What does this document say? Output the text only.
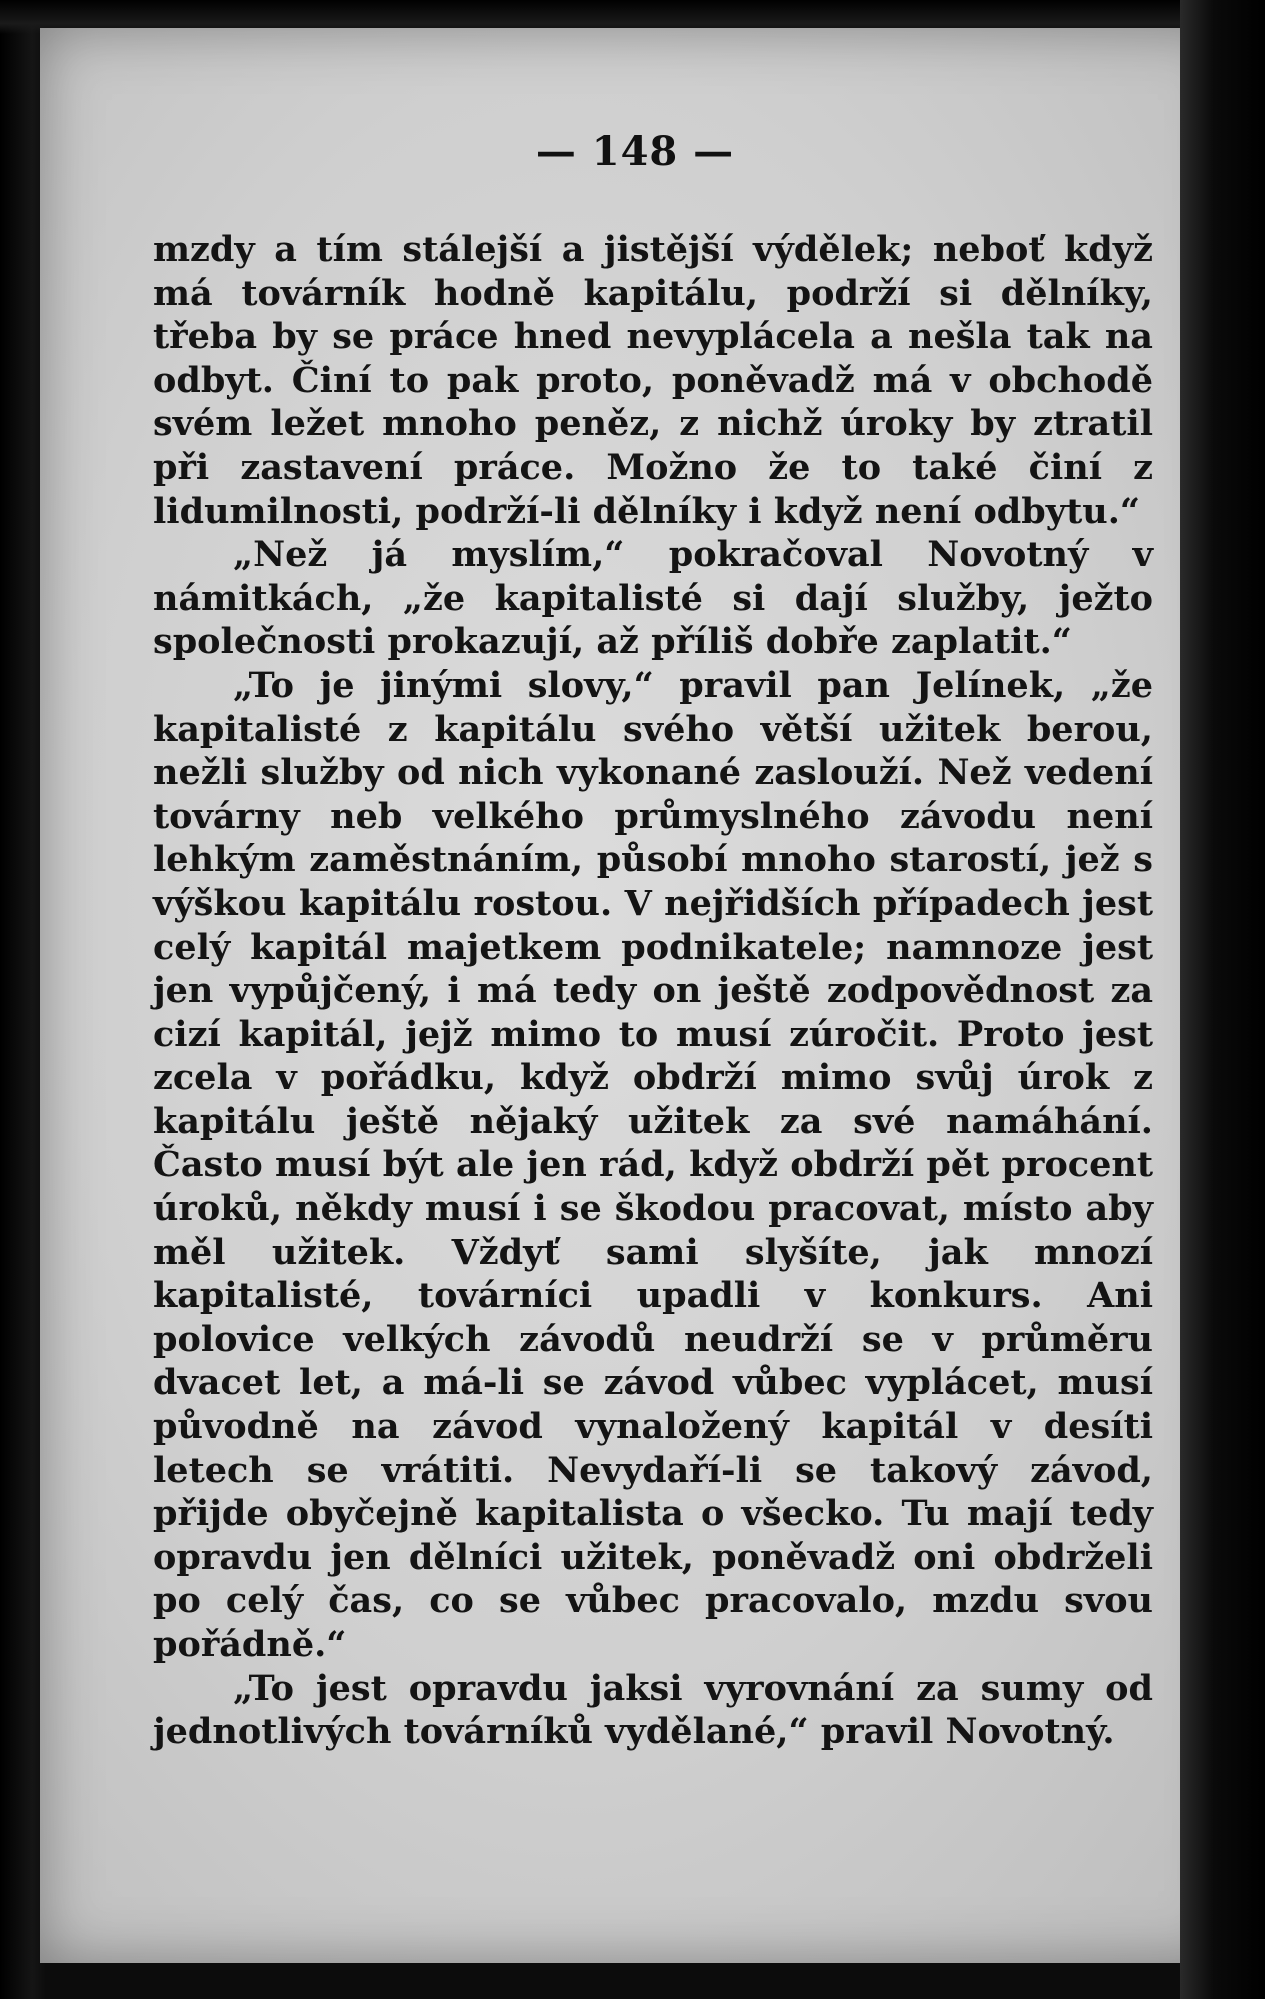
— 148 —

mzdy a tím stálejší a jistější výdělek; neboť když má továrník hodně kapitálu, podrží si dělníky, třeba by se práce hned nevyplácela a nešla tak na odbyt. Činí to pak proto, poněvadž má v obchodě svém ležet mnoho peněz, z nichž úroky by ztratil při zastavení práce. Možno že to také činí z lidumilnosti, podrží-li dělníky i když není odbytu.“

„Než já myslím,“ pokračoval Novotný v námitkách, „že kapitalisté si dají služby, ježto společnosti prokazují, až příliš dobře zaplatit.“

„To je jinými slovy,“ pravil pan Jelínek, „že kapitalisté z kapitálu svého větší užitek berou, nežli služby od nich vykonané zaslouží. Než vedení továrny neb velkého průmyslného závodu není lehkým zaměstnáním, působí mnoho starostí, jež s výškou kapitálu rostou. V nejřidších případech jest celý kapitál majetkem podnikatele; namnoze jest jen vypůjčený, i má tedy on ještě zodpovědnost za cizí kapitál, jejž mimo to musí zúročit. Proto jest zcela v pořádku, když obdrží mimo svůj úrok z kapitálu ještě nějaký užitek za své namáhání. Často musí být ale jen rád, když obdrží pět procent úroků, někdy musí i se škodou pracovat, místo aby měl užitek. Vždyť sami slyšíte, jak mnozí kapitalisté, továrníci upadli v konkurs. Ani polovice velkých závodů neudrží se v průměru dvacet let, a má-li se závod vůbec vyplácet, musí původně na závod vynaložený kapitál v desíti letech se vrátiti. Nevydaří-li se takový závod, přijde obyčejně kapitalista o všecko. Tu mají tedy opravdu jen dělníci užitek, poněvadž oni obdrželi po celý čas, co se vůbec pracovalo, mzdu svou pořádně.“

„To jest opravdu jaksi vyrovnání za sumy od jednotlivých továrníků vydělané,“ pravil Novotný.
